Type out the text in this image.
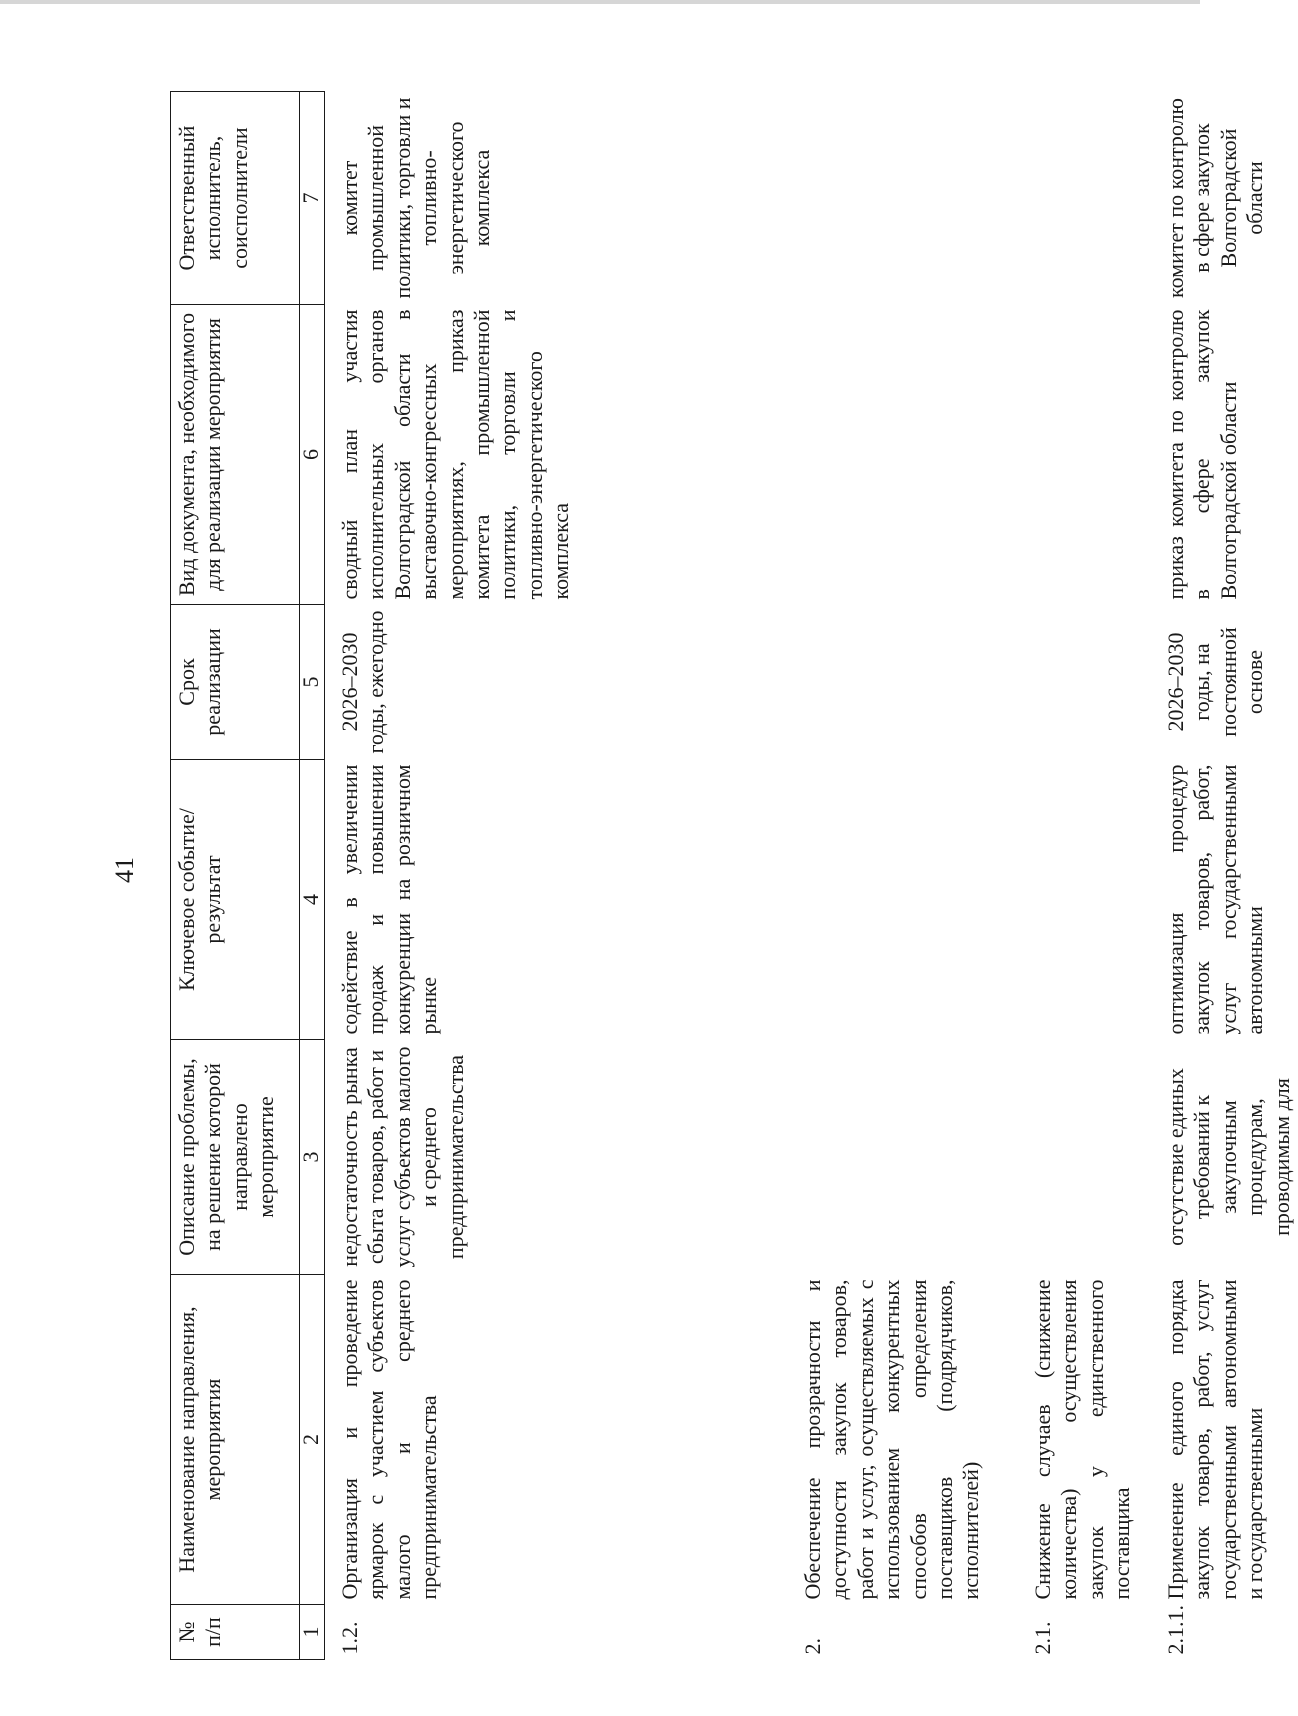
41
№ п/п	Наименование направления, мероприятия	Описание проблемы, на решение которой направлено мероприятие	Ключевое событие/результат	Срок реализации	Вид документа, необходимого для реализации мероприятия	Ответственный исполнитель, соисполнители
1	2	3	4	5	6	7
1.2.	Организация и проведение ярмарок с участием субъектов малого и среднего предпринимательства	недостаточность рынка сбыта товаров, работ и услуг субъектов малого и среднего предпринимательства	содействие в увеличении продаж и повышении конкуренции на розничном рынке	2026–2030 годы, ежегодно	сводный план участия исполнительных органов Волгоградской области в выставочно-конгрессных мероприятиях, приказ комитета промышленной политики, торговли и топливно-энергетического комплекса	комитет промышленной политики, торговли и топливно-энергетического комплекса
2.	Обеспечение прозрачности и доступности закупок товаров, работ и услуг, осуществляемых с использованием конкурентных способов определения поставщиков (подрядчиков, исполнителей)					
2.1.	Снижение случаев (снижение количества) осуществления закупок у единственного поставщика					
2.1.1.	Применение единого порядка закупок товаров, работ, услуг государственными автономными и государственными	отсутствие единых требований к закупочным процедурам, проводимым для	оптимизация процедур закупок товаров, работ, услуг государственными автономными	2026–2030 годы, на постоянной основе	приказ комитета по контролю в сфере закупок Волгоградской области	комитет по контролю в сфере закупок Волгоградской области
